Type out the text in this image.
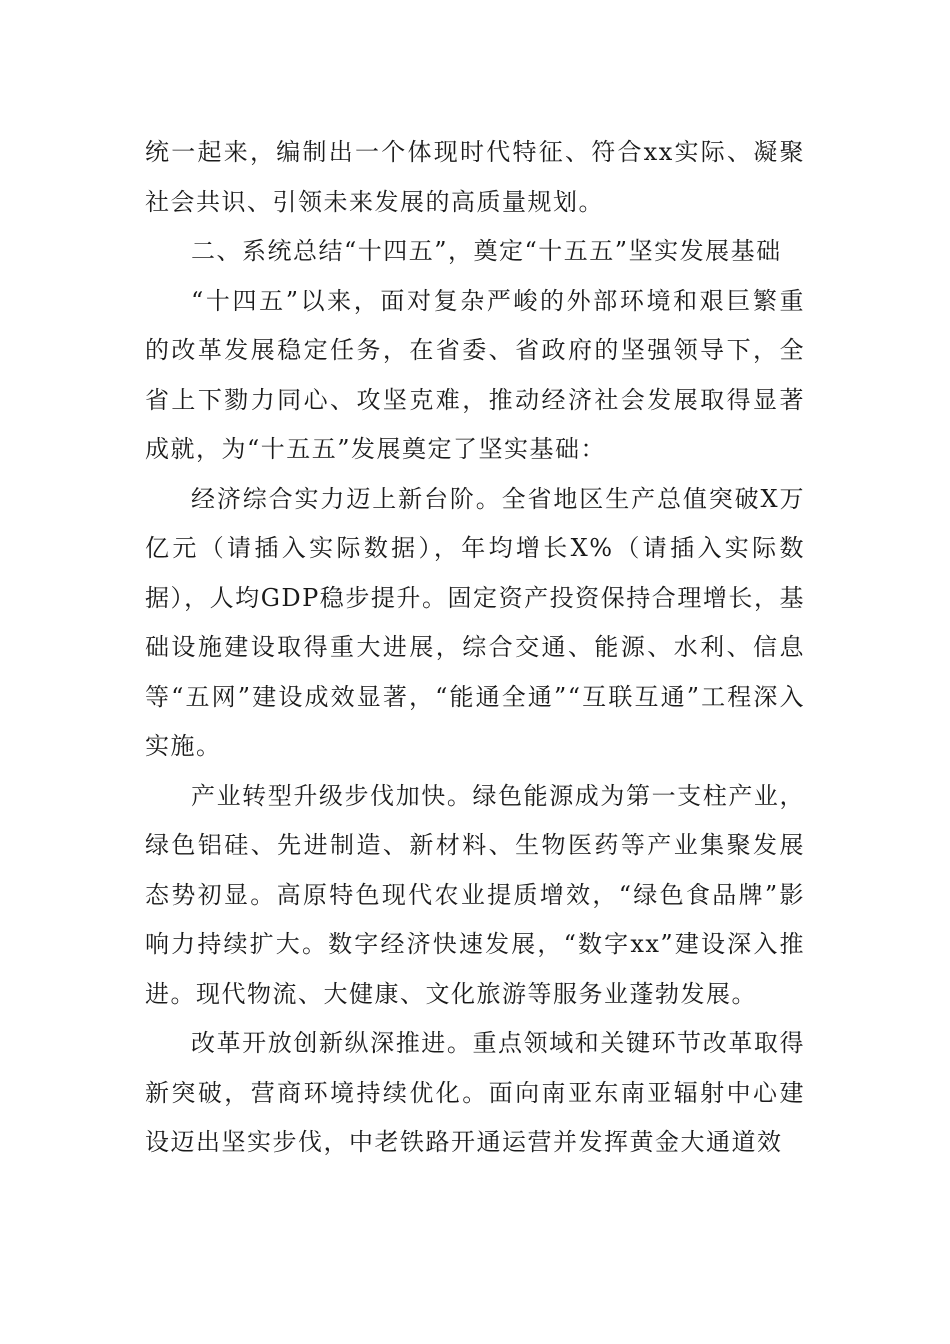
统一起来，编制出一个体现时代特征、符合xx实际、凝聚社会共识、引领未来发展的高质量规划。

二、系统总结“十四五”，奠定“十五五”坚实发展基础

“十四五”以来，面对复杂严峻的外部环境和艰巨繁重的改革发展稳定任务，在省委、省政府的坚强领导下，全省上下勠力同心、攻坚克难，推动经济社会发展取得显著成就，为“十五五”发展奠定了坚实基础：

经济综合实力迈上新台阶。全省地区生产总值突破X万亿元（请插入实际数据），年均增长X%（请插入实际数据），人均GDP稳步提升。固定资产投资保持合理增长，基础设施建设取得重大进展，综合交通、能源、水利、信息等“五网”建设成效显著，“能通全通”“互联互通”工程深入实施。

产业转型升级步伐加快。绿色能源成为第一支柱产业，绿色铝硅、先进制造、新材料、生物医药等产业集聚发展态势初显。高原特色现代农业提质增效，“绿色食品牌”影响力持续扩大。数字经济快速发展，“数字xx”建设深入推进。现代物流、大健康、文化旅游等服务业蓬勃发展。

改革开放创新纵深推进。重点领域和关键环节改革取得新突破，营商环境持续优化。面向南亚东南亚辐射中心建设迈出坚实步伐，中老铁路开通运营并发挥黄金大通道效
